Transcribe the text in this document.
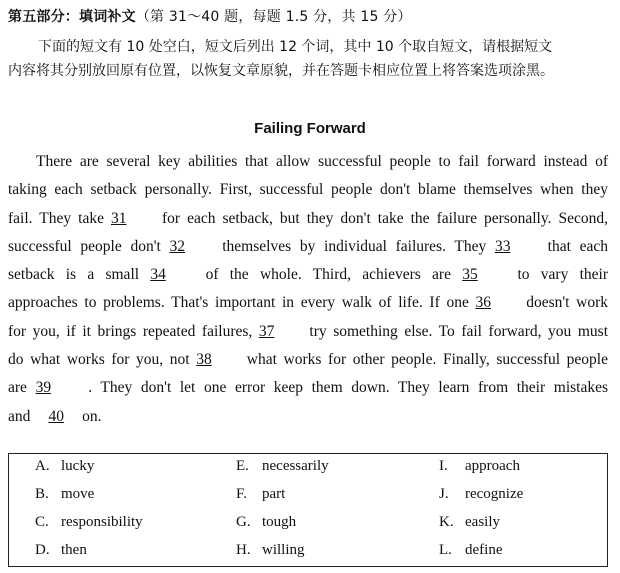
第五部分：填词补文（第 31～40 题，每题 1.5 分，共 15 分）
下面的短文有 10 处空白，短文后列出 12 个词，其中 10 个取自短文，请根据短文
内容将其分别放回原有位置，以恢复文章原貌，并在答题卡相应位置上将答案选项涂黑。
Failing Forward
There are several key abilities that allow successful people to fail forward instead of
taking each setback personally. First, successful people don't blame themselves when they
fail. They take 31 for each setback, but they don't take the failure personally. Second,
successful people don't 32 themselves by individual failures. They 33 that each
setback is a small 34	of the whole. Third, achievers are 35	to vary their
approaches to problems. That's important in every walk of life. If one 36 doesn't work
for you, if it brings repeated failures, 37 try something else. To fail forward, you must
do what works for you, not 38 what works for other people. Finally, successful people
are 39 . They don't let one error keep them down. They learn from their mistakes
and 40 on.
A. lucky
B. move
C. responsibility
D. then
E. necessarily
F. part
G. tough
H. willing
I. approach
J. recognize
K. easily
L. define
